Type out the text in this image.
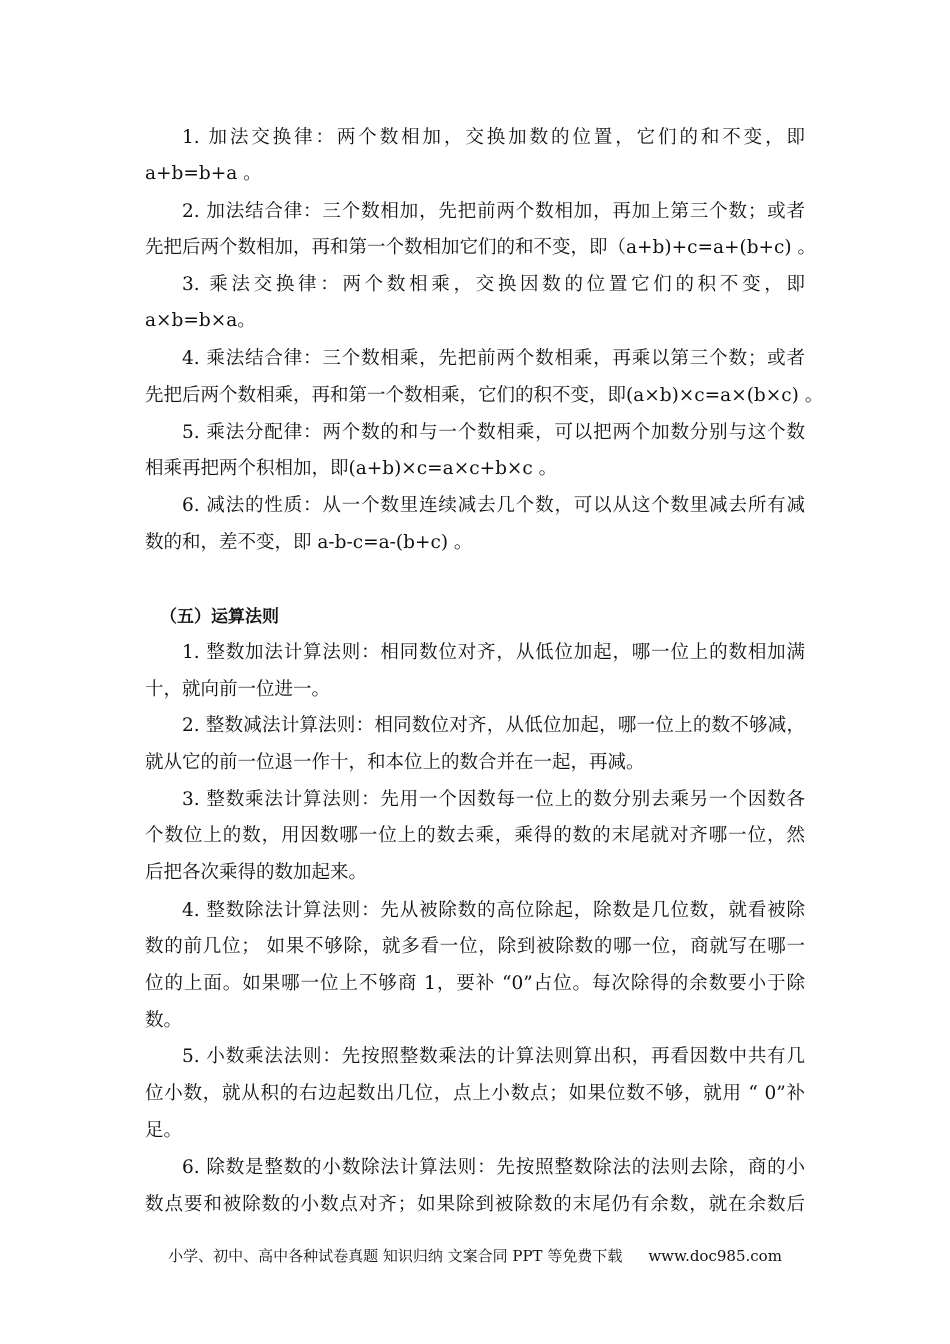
1. 加法交换律：两个数相加，交换加数的位置，它们的和不变，即
a+b=b+a 。
2. 加法结合律：三个数相加，先把前两个数相加，再加上第三个数；或者
先把后两个数相加，再和第一个数相加它们的和不变，即（a+b)+c=a+(b+c) 。
3. 乘法交换律：两个数相乘，交换因数的位置它们的积不变，即
a×b=b×a。
4. 乘法结合律：三个数相乘，先把前两个数相乘，再乘以第三个数；或者
先把后两个数相乘，再和第一个数相乘，它们的积不变，即(a×b)×c=a×(b×c) 。
5. 乘法分配律：两个数的和与一个数相乘，可以把两个加数分别与这个数
相乘再把两个积相加，即(a+b)×c=a×c+b×c 。
6. 减法的性质：从一个数里连续减去几个数，可以从这个数里减去所有减
数的和，差不变，即 a-b-c=a-(b+c) 。
（五）运算法则
1. 整数加法计算法则：相同数位对齐，从低位加起，哪一位上的数相加满
十，就向前一位进一。
2. 整数减法计算法则：相同数位对齐，从低位加起，哪一位上的数不够减，
就从它的前一位退一作十，和本位上的数合并在一起，再减。
3. 整数乘法计算法则：先用一个因数每一位上的数分别去乘另一个因数各
个数位上的数，用因数哪一位上的数去乘，乘得的数的末尾就对齐哪一位，然
后把各次乘得的数加起来。
4. 整数除法计算法则：先从被除数的高位除起，除数是几位数，就看被除
数的前几位； 如果不够除，就多看一位，除到被除数的哪一位，商就写在哪一
位的上面。如果哪一位上不够商 1，要补 “0”占位。每次除得的余数要小于除
数。
5. 小数乘法法则：先按照整数乘法的计算法则算出积，再看因数中共有几
位小数，就从积的右边起数出几位，点上小数点；如果位数不够，就用 “ 0”补
足。
6. 除数是整数的小数除法计算法则：先按照整数除法的法则去除，商的小
数点要和被除数的小数点对齐；如果除到被除数的末尾仍有余数，就在余数后
小学、初中、高中各种试卷真题 知识归纳 文案合同 PPT 等免费下载 www.doc985.com
